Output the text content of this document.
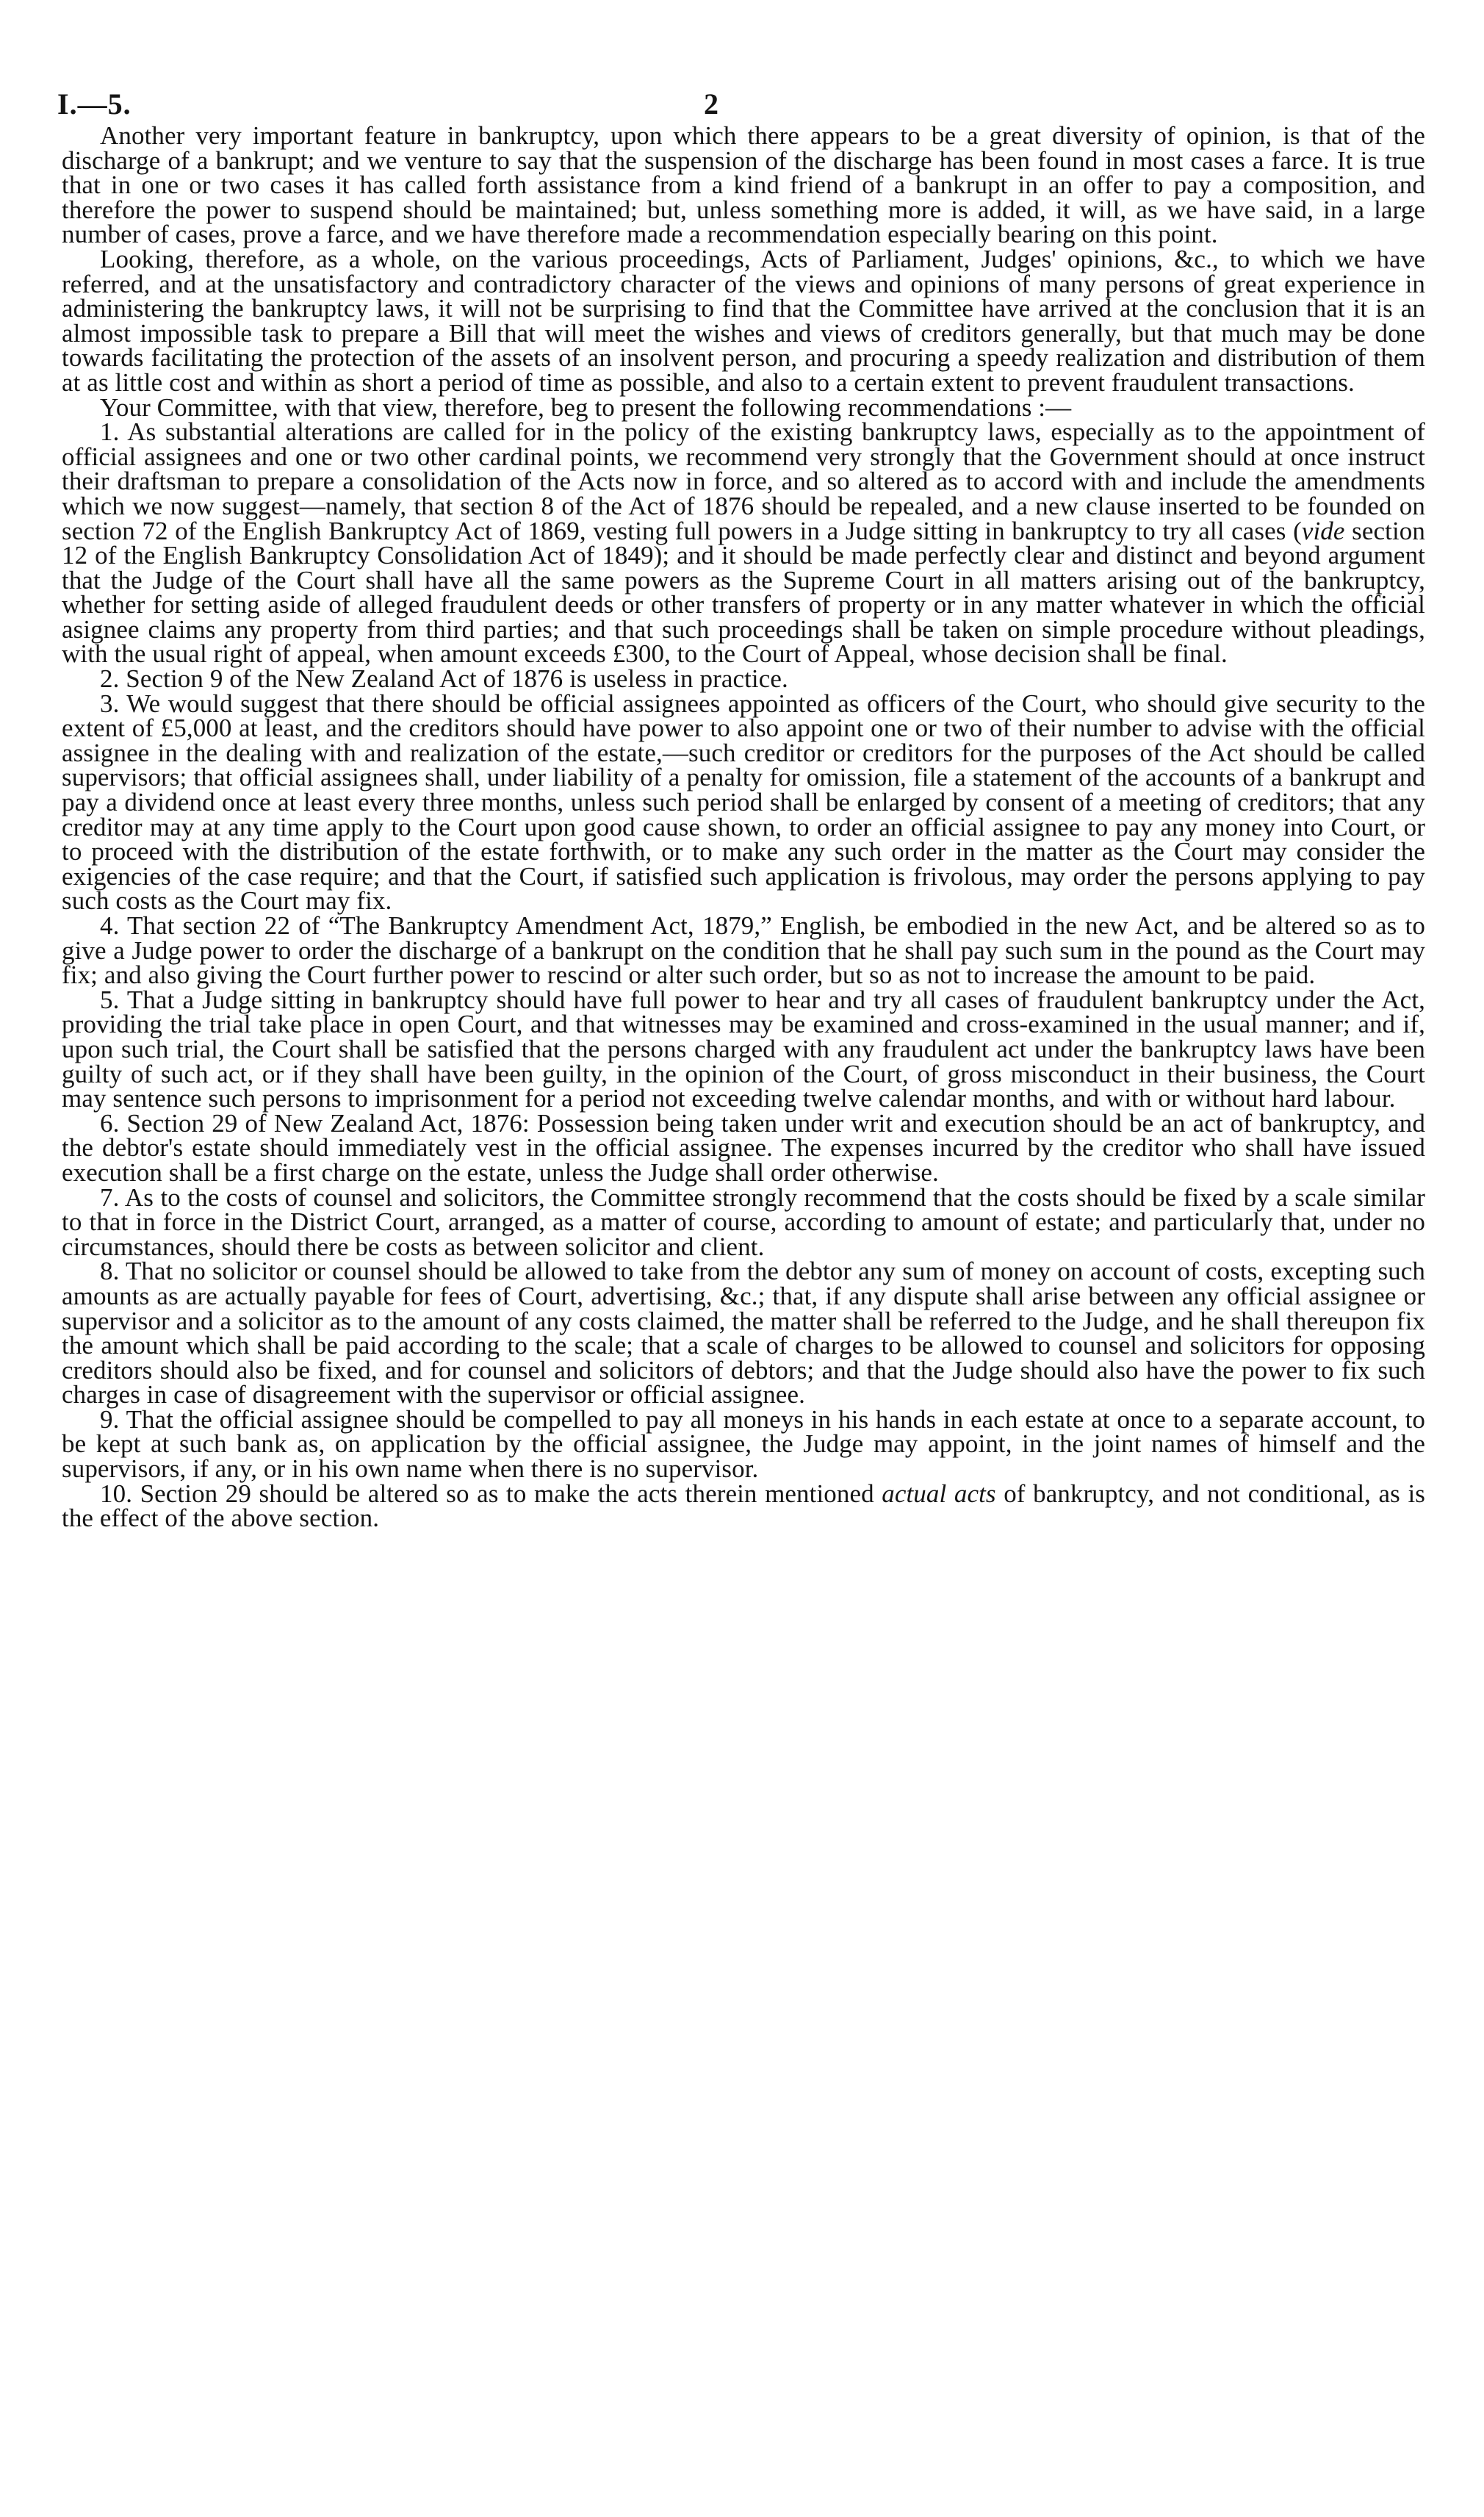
I.—5.	2

Another very important feature in bankruptcy, upon which there appears to be a great diversity of opinion, is that of the discharge of a bankrupt; and we venture to say that the suspension of the discharge has been found in most cases a farce. It is true that in one or two cases it has called forth assistance from a kind friend of a bankrupt in an offer to pay a composition, and therefore the power to suspend should be maintained; but, unless something more is added, it will, as we have said, in a large number of cases, prove a farce, and we have therefore made a recommendation especially bearing on this point.

Looking, therefore, as a whole, on the various proceedings, Acts of Parliament, Judges' opinions, &c., to which we have referred, and at the unsatisfactory and contradictory character of the views and opinions of many persons of great experience in administering the bankruptcy laws, it will not be surprising to find that the Committee have arrived at the conclusion that it is an almost impossible task to prepare a Bill that will meet the wishes and views of creditors generally, but that much may be done towards facilitating the protection of the assets of an insolvent person, and procuring a speedy realization and distribution of them at as little cost and within as short a period of time as possible, and also to a certain extent to prevent fraudulent transactions.

Your Committee, with that view, therefore, beg to present the following recommendations :—

1. As substantial alterations are called for in the policy of the existing bankruptcy laws, especially as to the appointment of official assignees and one or two other cardinal points, we recommend very strongly that the Government should at once instruct their draftsman to prepare a consolidation of the Acts now in force, and so altered as to accord with and include the amendments which we now suggest—namely, that section 8 of the Act of 1876 should be repealed, and a new clause inserted to be founded on section 72 of the English Bankruptcy Act of 1869, vesting full powers in a Judge sitting in bankruptcy to try all cases (vide section 12 of the English Bankruptcy Consolidation Act of 1849); and it should be made perfectly clear and distinct and beyond argument that the Judge of the Court shall have all the same powers as the Supreme Court in all matters arising out of the bankruptcy, whether for setting aside of alleged fraudulent deeds or other transfers of property or in any matter whatever in which the official asignee claims any property from third parties; and that such proceedings shall be taken on simple procedure without pleadings, with the usual right of appeal, when amount exceeds £300, to the Court of Appeal, whose decision shall be final.

2. Section 9 of the New Zealand Act of 1876 is useless in practice.

3. We would suggest that there should be official assignees appointed as officers of the Court, who should give security to the extent of £5,000 at least, and the creditors should have power to also appoint one or two of their number to advise with the official assignee in the dealing with and realization of the estate,—such creditor or creditors for the purposes of the Act should be called supervisors; that official assignees shall, under liability of a penalty for omission, file a statement of the accounts of a bankrupt and pay a dividend once at least every three months, unless such period shall be enlarged by consent of a meeting of creditors; that any creditor may at any time apply to the Court upon good cause shown, to order an official assignee to pay any money into Court, or to proceed with the distribution of the estate forthwith, or to make any such order in the matter as the Court may consider the exigencies of the case require; and that the Court, if satisfied such application is frivolous, may order the persons applying to pay such costs as the Court may fix.

4. That section 22 of “The Bankruptcy Amendment Act, 1879,” English, be embodied in the new Act, and be altered so as to give a Judge power to order the discharge of a bankrupt on the condition that he shall pay such sum in the pound as the Court may fix; and also giving the Court further power to rescind or alter such order, but so as not to increase the amount to be paid.

5. That a Judge sitting in bankruptcy should have full power to hear and try all cases of fraudulent bankruptcy under the Act, providing the trial take place in open Court, and that witnesses may be examined and cross-examined in the usual manner; and if, upon such trial, the Court shall be satisfied that the persons charged with any fraudulent act under the bankruptcy laws have been guilty of such act, or if they shall have been guilty, in the opinion of the Court, of gross misconduct in their business, the Court may sentence such persons to imprisonment for a period not exceeding twelve calendar months, and with or without hard labour.

6. Section 29 of New Zealand Act, 1876: Possession being taken under writ and execution should be an act of bankruptcy, and the debtor's estate should immediately vest in the official assignee. The expenses incurred by the creditor who shall have issued execution shall be a first charge on the estate, unless the Judge shall order otherwise.

7. As to the costs of counsel and solicitors, the Committee strongly recommend that the costs should be fixed by a scale similar to that in force in the District Court, arranged, as a matter of course, according to amount of estate; and particularly that, under no circumstances, should there be costs as between solicitor and client.

8. That no solicitor or counsel should be allowed to take from the debtor any sum of money on account of costs, excepting such amounts as are actually payable for fees of Court, advertising, &c.; that, if any dispute shall arise between any official assignee or supervisor and a solicitor as to the amount of any costs claimed, the matter shall be referred to the Judge, and he shall thereupon fix the amount which shall be paid according to the scale; that a scale of charges to be allowed to counsel and solicitors for opposing creditors should also be fixed, and for counsel and solicitors of debtors; and that the Judge should also have the power to fix such charges in case of disagreement with the supervisor or official assignee.

9. That the official assignee should be compelled to pay all moneys in his hands in each estate at once to a separate account, to be kept at such bank as, on application by the official assignee, the Judge may appoint, in the joint names of himself and the supervisors, if any, or in his own name when there is no supervisor.

10. Section 29 should be altered so as to make the acts therein mentioned actual acts of bankruptcy, and not conditional, as is the effect of the above section.
